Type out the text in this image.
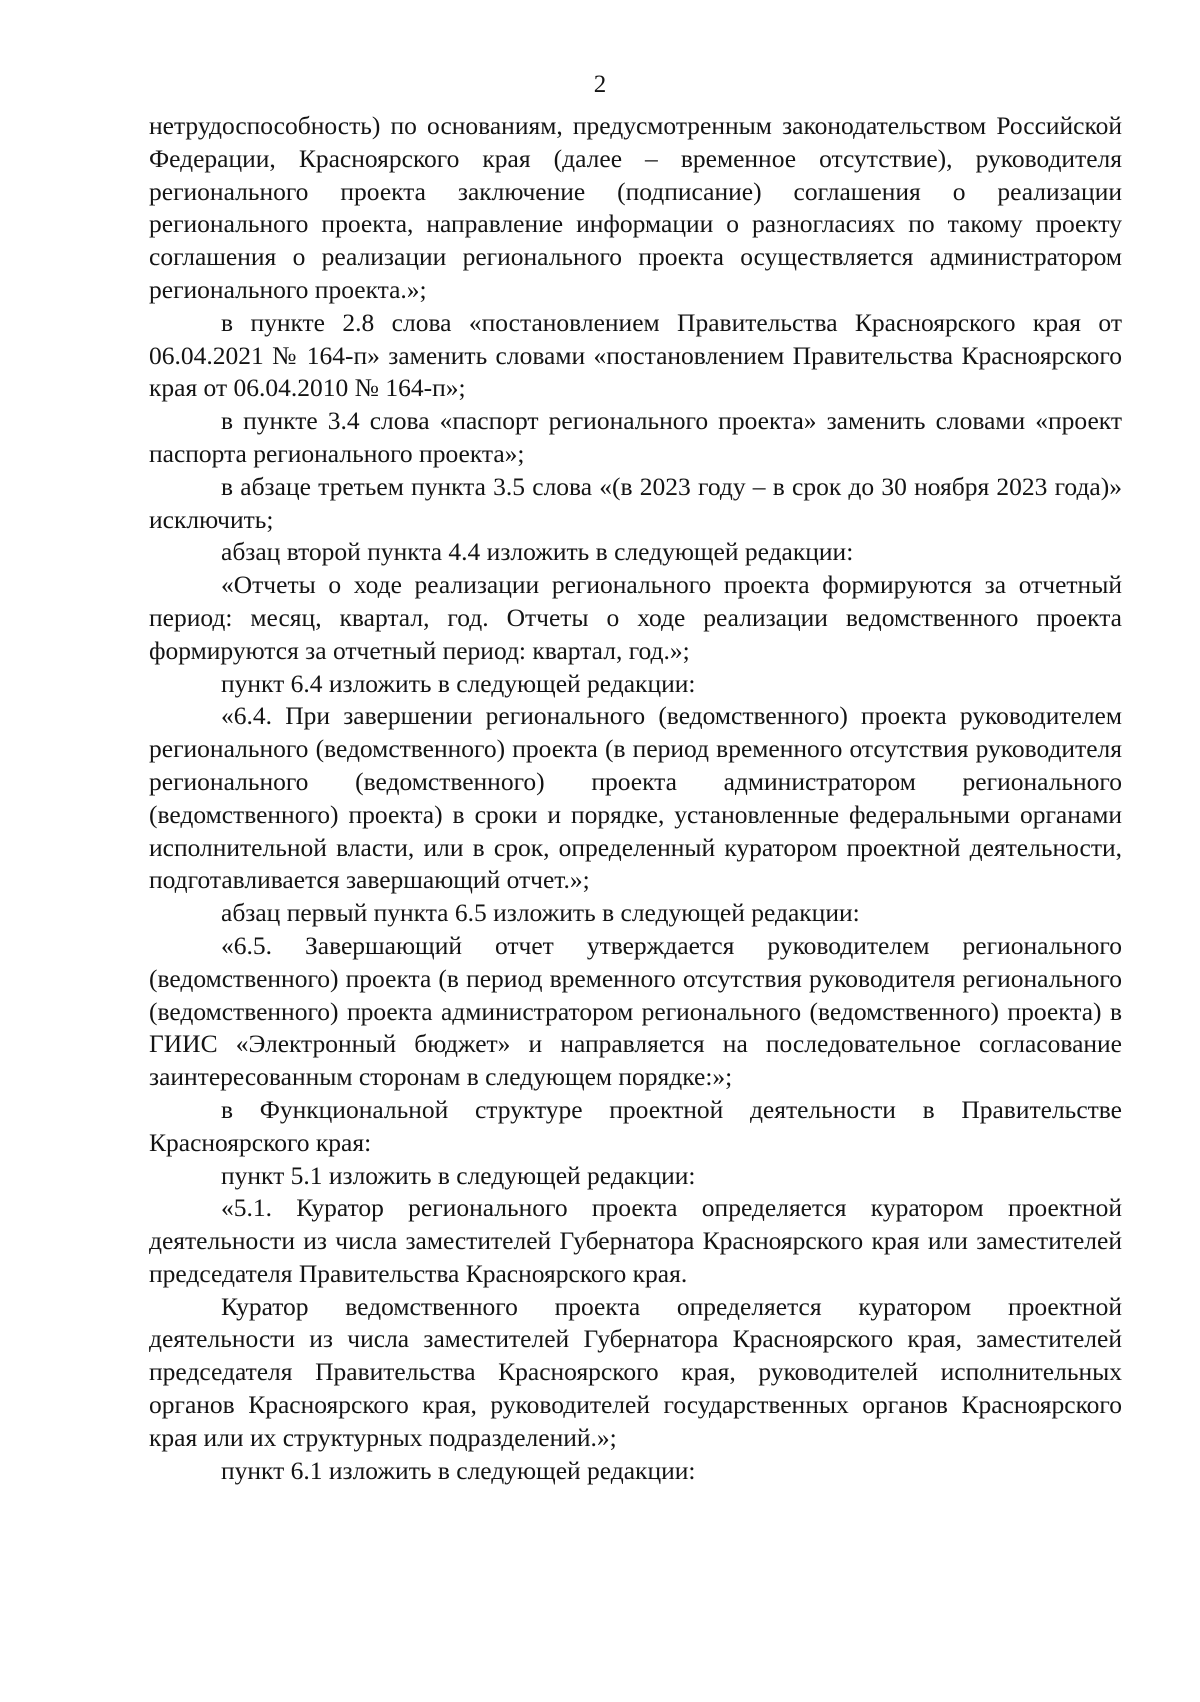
2

нетрудоспособность) по основаниям, предусмотренным законодательством Российской Федерации, Красноярского края (далее – временное отсутствие), руководителя регионального проекта заключение (подписание) соглашения о реализации регионального проекта, направление информации о разногласиях по такому проекту соглашения о реализации регионального проекта осуществляется администратором регионального проекта.»;

в пункте 2.8 слова «постановлением Правительства Красноярского края от 06.04.2021 № 164-п» заменить словами «постановлением Правительства Красноярского края от 06.04.2010 № 164-п»;

в пункте 3.4 слова «паспорт регионального проекта» заменить словами «проект паспорта регионального проекта»;

в абзаце третьем пункта 3.5 слова «(в 2023 году – в срок до 30 ноября 2023 года)» исключить;

абзац второй пункта 4.4 изложить в следующей редакции:

«Отчеты о ходе реализации регионального проекта формируются за отчетный период: месяц, квартал, год. Отчеты о ходе реализации ведомственного проекта формируются за отчетный период: квартал, год.»;

пункт 6.4 изложить в следующей редакции:

«6.4. При завершении регионального (ведомственного) проекта руководителем регионального (ведомственного) проекта (в период временного отсутствия руководителя регионального (ведомственного) проекта администратором регионального (ведомственного) проекта) в сроки и порядке, установленные федеральными органами исполнительной власти, или в срок, определенный куратором проектной деятельности, подготавливается завершающий отчет.»;

абзац первый пункта 6.5 изложить в следующей редакции:

«6.5. Завершающий отчет утверждается руководителем регионального (ведомственного) проекта (в период временного отсутствия руководителя регионального (ведомственного) проекта администратором регионального (ведомственного) проекта) в ГИИС «Электронный бюджет» и направляется на последовательное согласование заинтересованным сторонам в следующем порядке:»;

в Функциональной структуре проектной деятельности в Правительстве Красноярского края:

пункт 5.1 изложить в следующей редакции:

«5.1. Куратор регионального проекта определяется куратором проектной деятельности из числа заместителей Губернатора Красноярского края или заместителей председателя Правительства Красноярского края.

Куратор ведомственного проекта определяется куратором проектной деятельности из числа заместителей Губернатора Красноярского края, заместителей председателя Правительства Красноярского края, руководителей исполнительных органов Красноярского края, руководителей государственных органов Красноярского края или их структурных подразделений.»;

пункт 6.1 изложить в следующей редакции:
